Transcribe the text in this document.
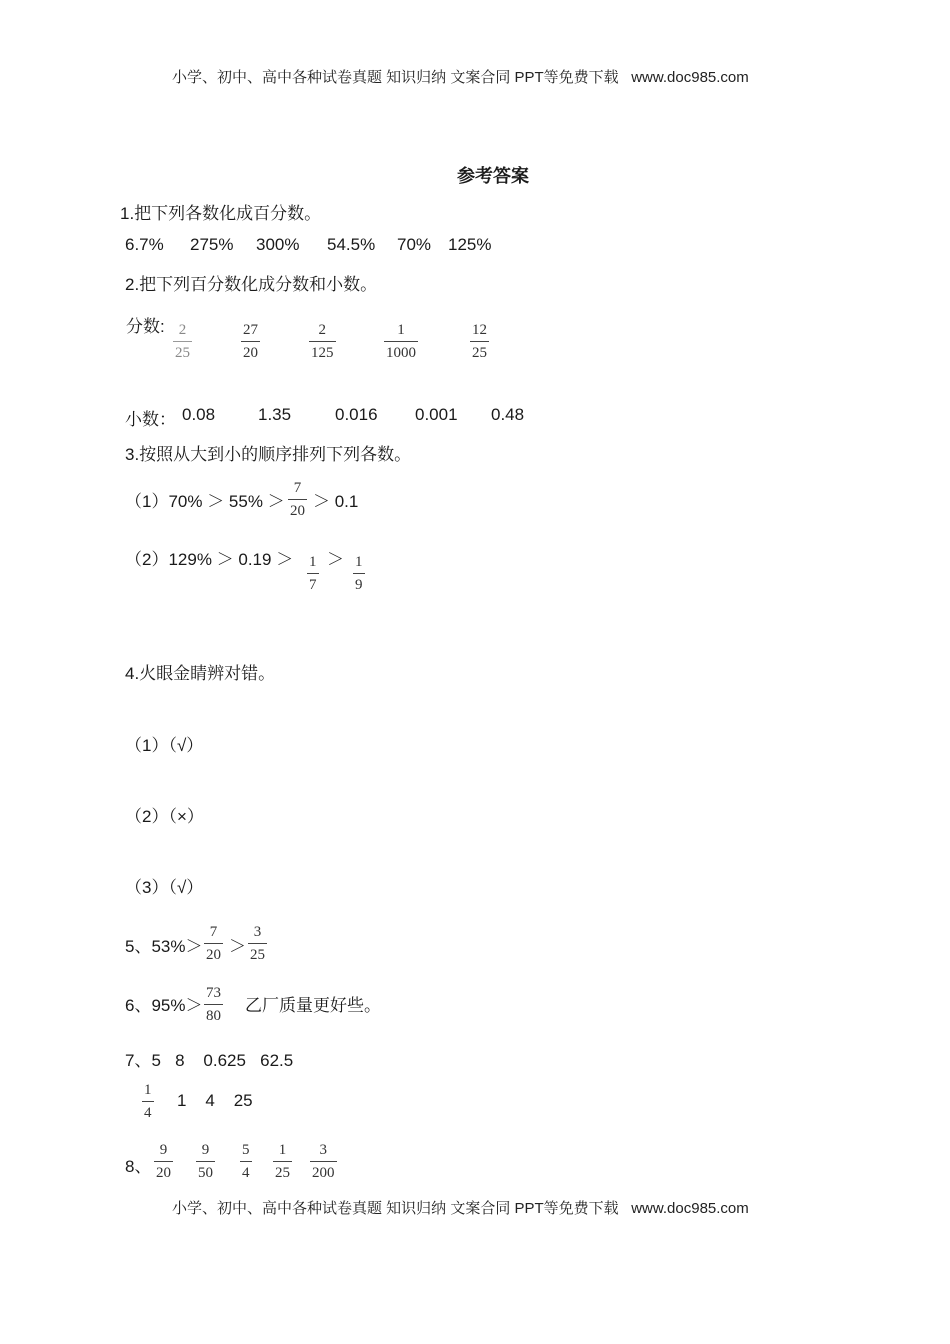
小学、初中、高中各种试卷真题 知识归纳 文案合同 PPT等免费下载 www.doc985.com
参考答案
1.把下列各数化成百分数。
6.7% 275% 300% 54.5% 70% 125%
2.把下列百分数化成分数和小数。
分数: 2
25
27
20
2
125
1
1000
12
25
小数： 0.08	1.35	0.016 0.001 0.48
3.按照从大到小的顺序排列下列各数。
（1）70% ＞ 55% ＞
7
20 ＞ 0.1
（2）129% ＞ 0.19 ＞ 1
7
＞ 1
9
4.火眼金睛辨对错。
（1）（√）
（2）（×）
（3）（√）
5、53%＞
7
20 ＞
3
25
6、95%＞
73
80
乙厂质量更好些。
7、5   8    0.625   62.5
1
4
1    4    25
8、
9
20
9
50
5
4
1
25
3
200
小学、初中、高中各种试卷真题 知识归纳 文案合同 PPT等免费下载 www.doc985.com
